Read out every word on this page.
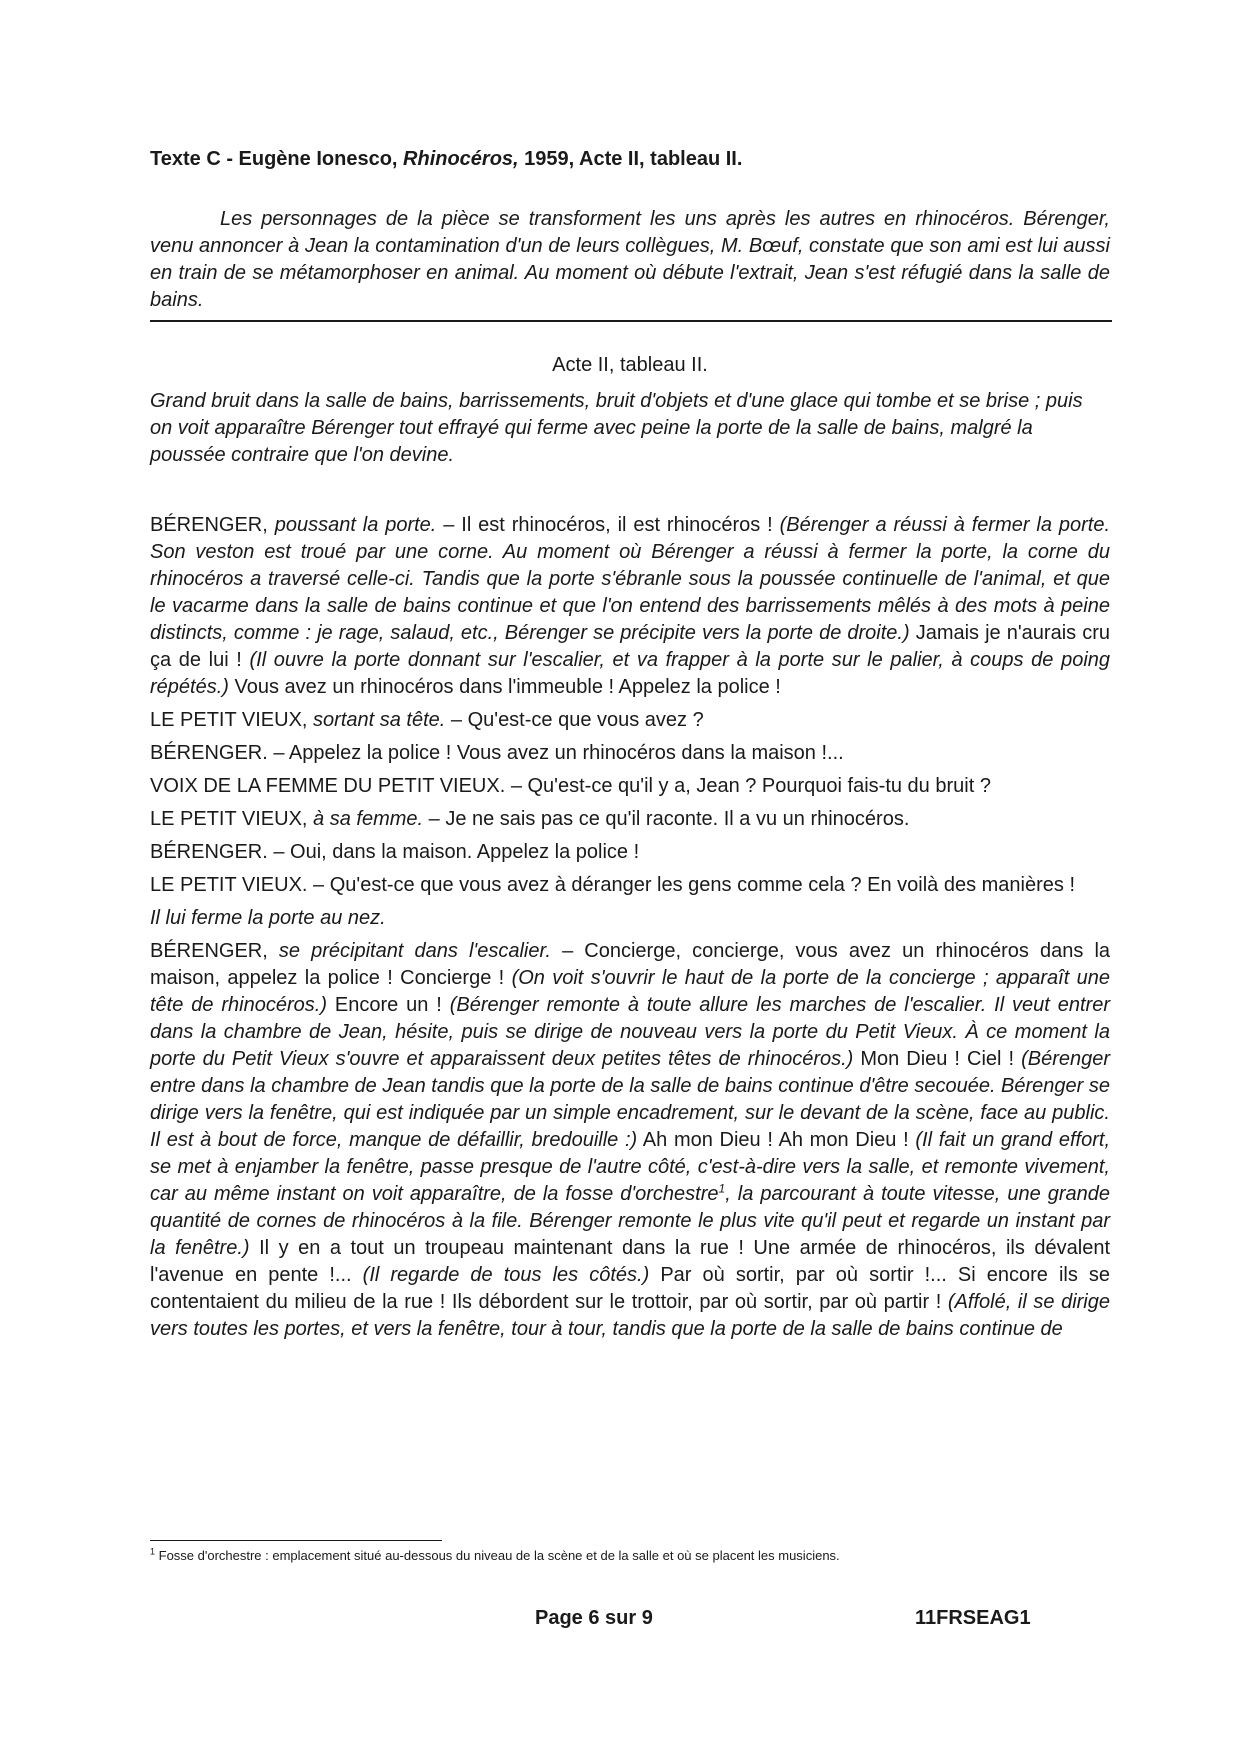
Texte C - Eugène Ionesco, Rhinocéros, 1959, Acte II, tableau II.
Les personnages de la pièce se transforment les uns après les autres en rhinocéros. Bérenger, venu annoncer à Jean la contamination d'un de leurs collègues, M. Bœuf, constate que son ami est lui aussi en train de se métamorphoser en animal. Au moment où débute l'extrait, Jean s'est réfugié dans la salle de bains.
Acte II, tableau II.
Grand bruit dans la salle de bains, barrissements, bruit d'objets et d'une glace qui tombe et se brise ; puis on voit apparaître Bérenger tout effrayé qui ferme avec peine la porte de la salle de bains, malgré la poussée contraire que l'on devine.

BÉRENGER, poussant la porte. – Il est rhinocéros, il est rhinocéros ! (Bérenger a réussi à fermer la porte. Son veston est troué par une corne. Au moment où Bérenger a réussi à fermer la porte, la corne du rhinocéros a traversé celle-ci. Tandis que la porte s'ébranle sous la poussée continuelle de l'animal, et que le vacarme dans la salle de bains continue et que l'on entend des barrissements mêlés à des mots à peine distincts, comme : je rage, salaud, etc., Bérenger se précipite vers la porte de droite.) Jamais je n'aurais cru ça de lui ! (Il ouvre la porte donnant sur l'escalier, et va frapper à la porte sur le palier, à coups de poing répétés.) Vous avez un rhinocéros dans l'immeuble ! Appelez la police !

LE PETIT VIEUX, sortant sa tête. – Qu'est-ce que vous avez ?

BÉRENGER. – Appelez la police ! Vous avez un rhinocéros dans la maison !...

VOIX DE LA FEMME DU PETIT VIEUX. – Qu'est-ce qu'il y a, Jean ? Pourquoi fais-tu du bruit ?

LE PETIT VIEUX, à sa femme. – Je ne sais pas ce qu'il raconte. Il a vu un rhinocéros.

BÉRENGER. – Oui, dans la maison. Appelez la police !

LE PETIT VIEUX. – Qu'est-ce que vous avez à déranger les gens comme cela ? En voilà des manières !

Il lui ferme la porte au nez.

BÉRENGER, se précipitant dans l'escalier. – Concierge, concierge, vous avez un rhinocéros dans la maison, appelez la police ! Concierge ! (On voit s'ouvrir le haut de la porte de la concierge ; apparaît une tête de rhinocéros.) Encore un ! (Bérenger remonte à toute allure les marches de l'escalier. Il veut entrer dans la chambre de Jean, hésite, puis se dirige de nouveau vers la porte du Petit Vieux. À ce moment la porte du Petit Vieux s'ouvre et apparaissent deux petites têtes de rhinocéros.) Mon Dieu ! Ciel ! (Bérenger entre dans la chambre de Jean tandis que la porte de la salle de bains continue d'être secouée. Bérenger se dirige vers la fenêtre, qui est indiquée par un simple encadrement, sur le devant de la scène, face au public. Il est à bout de force, manque de défaillir, bredouille :) Ah mon Dieu ! Ah mon Dieu ! (Il fait un grand effort, se met à enjamber la fenêtre, passe presque de l'autre côté, c'est-à-dire vers la salle, et remonte vivement, car au même instant on voit apparaître, de la fosse d'orchestre$^1$, la parcourant à toute vitesse, une grande quantité de cornes de rhinocéros à la file. Bérenger remonte le plus vite qu'il peut et regarde un instant par la fenêtre.) Il y en a tout un troupeau maintenant dans la rue ! Une armée de rhinocéros, ils dévalent l'avenue en pente !... (Il regarde de tous les côtés.) Par où sortir, par où sortir !... Si encore ils se contentaient du milieu de la rue ! Ils débordent sur le trottoir, par où sortir, par où partir ! (Affolé, il se dirige vers toutes les portes, et vers la fenêtre, tour à tour, tandis que la porte de la salle de bains continue de

$^1$ Fosse d'orchestre : emplacement situé au-dessous du niveau de la scène et de la salle et où se placent les musiciens.
Page 6 sur 9	11FRSEAG1
